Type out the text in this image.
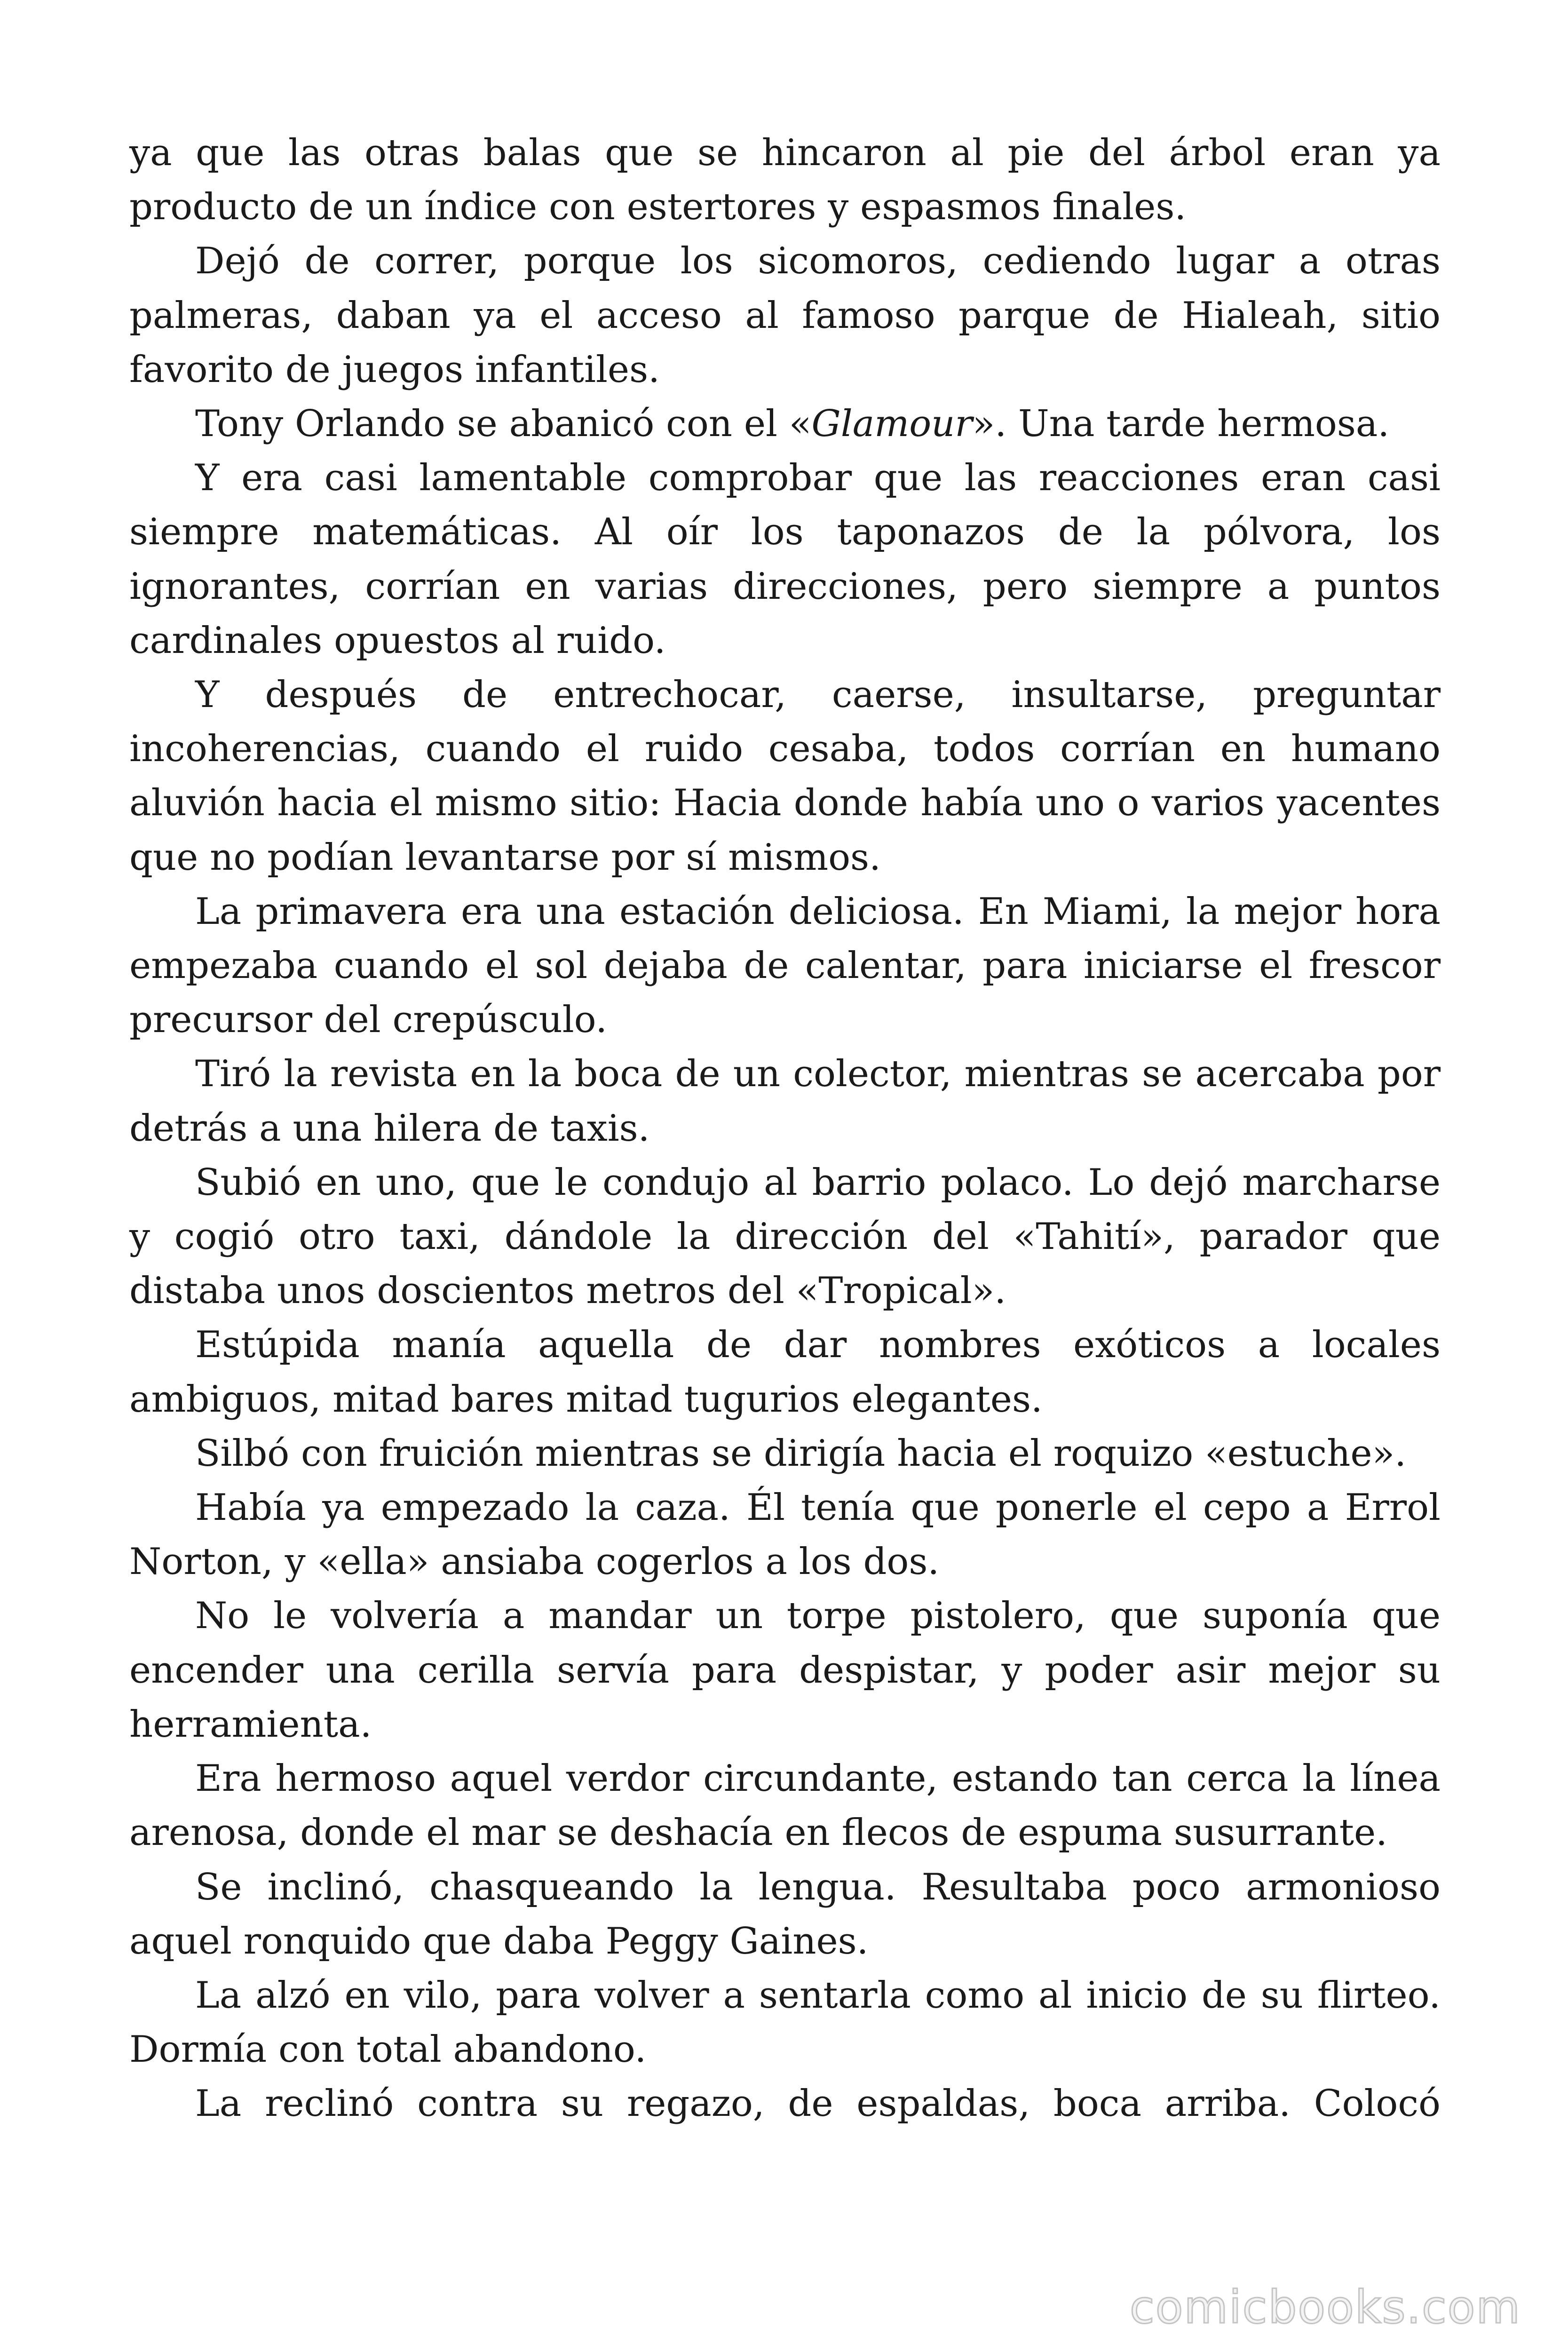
ya que las otras balas que se hincaron al pie del árbol eran ya producto de un índice con estertores y espasmos finales.

Dejó de correr, porque los sicomoros, cediendo lugar a otras palmeras, daban ya el acceso al famoso parque de Hialeah, sitio favorito de juegos infantiles.

Tony Orlando se abanicó con el «Glamour». Una tarde hermosa.

Y era casi lamentable comprobar que las reacciones eran casi siempre matemáticas. Al oír los taponazos de la pólvora, los ignorantes, corrían en varias direcciones, pero siempre a puntos cardinales opuestos al ruido.

Y después de entrechocar, caerse, insultarse, preguntar incoherencias, cuando el ruido cesaba, todos corrían en humano aluvión hacia el mismo sitio: Hacia donde había uno o varios yacentes que no podían levantarse por sí mismos.

La primavera era una estación deliciosa. En Miami, la mejor hora empezaba cuando el sol dejaba de calentar, para iniciarse el frescor precursor del crepúsculo.

Tiró la revista en la boca de un colector, mientras se acercaba por detrás a una hilera de taxis.

Subió en uno, que le condujo al barrio polaco. Lo dejó marcharse y cogió otro taxi, dándole la dirección del «Tahití», parador que distaba unos doscientos metros del «Tropical».

Estúpida manía aquella de dar nombres exóticos a locales ambiguos, mitad bares mitad tugurios elegantes.

Silbó con fruición mientras se dirigía hacia el roquizo «estuche».

Había ya empezado la caza. Él tenía que ponerle el cepo a Errol Norton, y «ella» ansiaba cogerlos a los dos.

No le volvería a mandar un torpe pistolero, que suponía que encender una cerilla servía para despistar, y poder asir mejor su herramienta.

Era hermoso aquel verdor circundante, estando tan cerca la línea arenosa, donde el mar se deshacía en flecos de espuma susurrante.

Se inclinó, chasqueando la lengua. Resultaba poco armonioso aquel ronquido que daba Peggy Gaines.

La alzó en vilo, para volver a sentarla como al inicio de su flirteo. Dormía con total abandono.

La reclinó contra su regazo, de espaldas, boca arriba. Colocó

comicbooks.com
